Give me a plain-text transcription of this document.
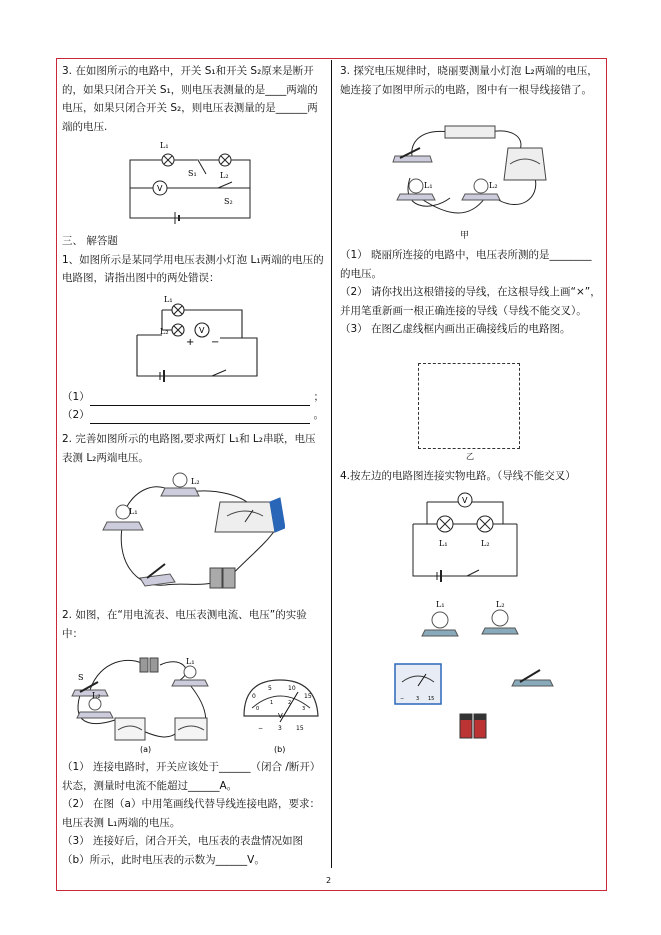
2

3. 在如图所示的电路中，开关 S₁和开关 S₂原来是断开的，如果只闭合开关 S₁，则电压表测量的是____两端的电压，如果只闭合开关 S₂，则电压表测量的是______两端的电压.

V
L₁
L₂
S₁
S₂

三、 解答题

1、如图所示是某同学用电压表测小灯泡 L₁两端的电压的电路图，请指出图中的两处错误：

V
L₁
L₂
+ −
（1）	；
（2）	。

2. 完善如图所示的电路图,要求两灯 L₁和 L₂串联，电压表测 L₂两端电压。

L₁
L₂

2. 如图，在“用电流表、电压表测电流、电压”的实验中：

S
L₁
L₂
(a)
0
5	10
15
0
1	2
3
V
− 3 15
(b)

（1） 连接电路时，开关应该处于______（闭合 /断开）状态，测量时电流不能超过______A。

（2） 在图（a）中用笔画线代替导线连接电路，要求：电压表测 L₁两端的电压。

（3） 连接好后，闭合开关，电压表的表盘情况如图（b）所示，此时电压表的示数为______V。

3. 探究电压规律时，晓丽要测量小灯泡 L₂两端的电压，她连接了如图甲所示的电路，图中有一根导线接错了。

L₁	L₂
甲

（1） 晓丽所连接的电路中，电压表所测的是________的电压。

（2） 请你找出这根错接的导线，在这根导线上画“×”，并用笔重新画一根正确连接的导线（导线不能交叉）。

（3） 在图乙虚线框内画出正确接线后的电路图。

乙

4.按左边的电路图连接实物电路。（导线不能交叉）

V
L₁	L₂
L₁	L₂
− 3 15
